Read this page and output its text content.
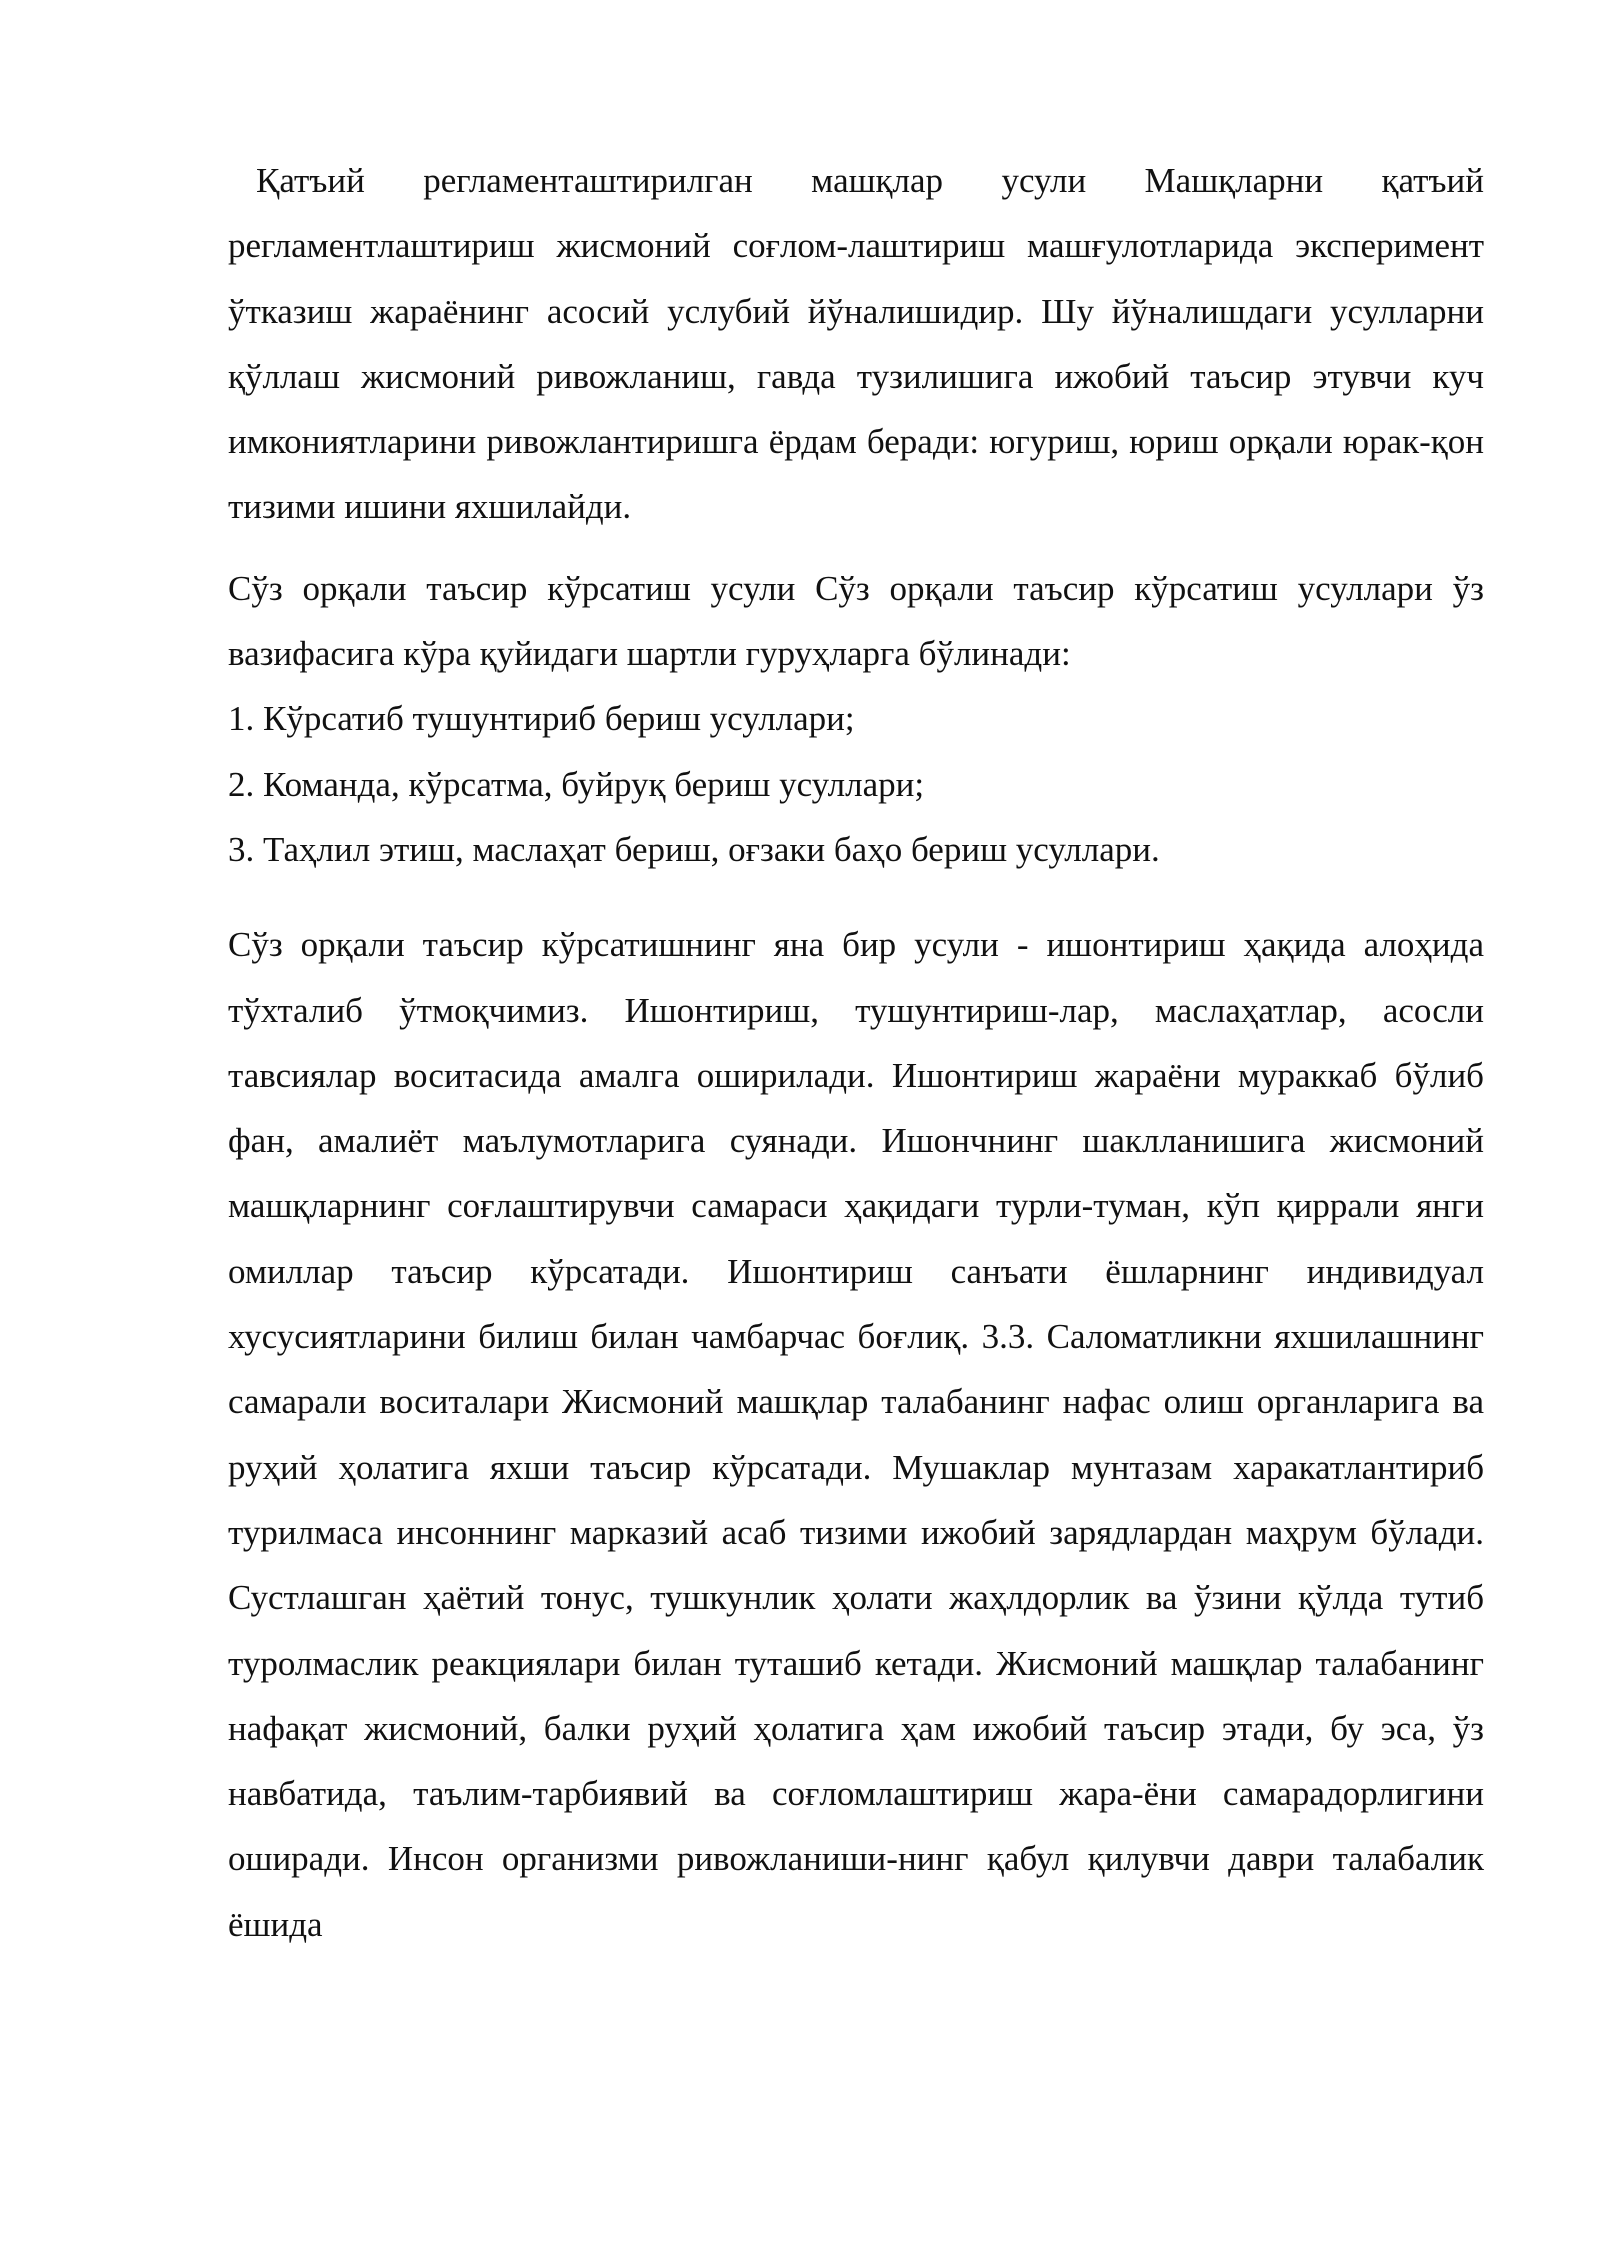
Қатъий регламенташтирилган машқлар усули Машқларни қатъий регламентлаштириш жисмоний сoғлом-лаштириш машғулотларида эксперимент ўтказиш жараёнинг асосий услубий йўналишидир. Шу йўналишдаги усулларни қўллаш жисмоний ривожланиш, гавда тузилишига ижобий таъсир этувчи куч имкониятларини ривожлантиришга ёрдам беради: югуриш, юриш орқали юрак-қон тизими ишини яхшилайди.

Сўз орқали таъсир кўрсатиш усули Сўз орқали таъсир кўрсатиш усуллари ўз вазифасига кўра қуйидаги шартли гуруҳларга бўлинади:

1. Кўрсатиб тушунтириб бериш усуллари;

2. Команда, кўрсатма, буйруқ бериш усуллари;

3. Таҳлил этиш, маслаҳат бериш, оғзаки баҳо бериш усуллари.

Сўз орқали таъсир кўрсатишнинг яна бир усули - ишонтириш ҳақида алоҳида тўхталиб ўтмоқчимиз. Ишонтириш, тушунтириш-лар, маслаҳатлар, асосли тавсиялар воситасида амалга оширилади. Ишонтириш жараёни мураккаб бўлиб фан, амалиёт маълумотларига суянади. Ишончнинг шаклланишига жисмоний машқларнинг соғлаштирувчи самараси ҳақидаги турли-туман, кўп қиррали янги омиллар таъсир кўрсатади. Ишонтириш санъати ёшларнинг индивидуал хусусиятларини билиш билан чамбарчас боғлиқ. 3.3. Саломатликни яхшилашнинг самарали воситалари Жисмоний машқлар талабанинг нафас олиш органларига ва руҳий ҳолатига яхши таъсир кўрсатади. Мушаклар мунтазам харакатлантириб турилмаса инсоннинг марказий асаб тизими ижобий зарядлардан маҳрум бўлади. Сустлашган ҳаётий тонус, тушкунлик ҳолати жаҳлдорлик ва ўзини қўлда тутиб туролмаслик реакциялари билан туташиб кетади. Жисмоний машқлар талабанинг нафақат жисмоний, балки руҳий ҳолатига ҳам ижобий таъсир этади, бу эса, ўз навбатида, таълим-тарбиявий ва соғломлаштириш жара-ёни самарадорлигини оширади. Инсон организми ривожланиши-нинг қабул қилувчи даври талабалик ёшида
